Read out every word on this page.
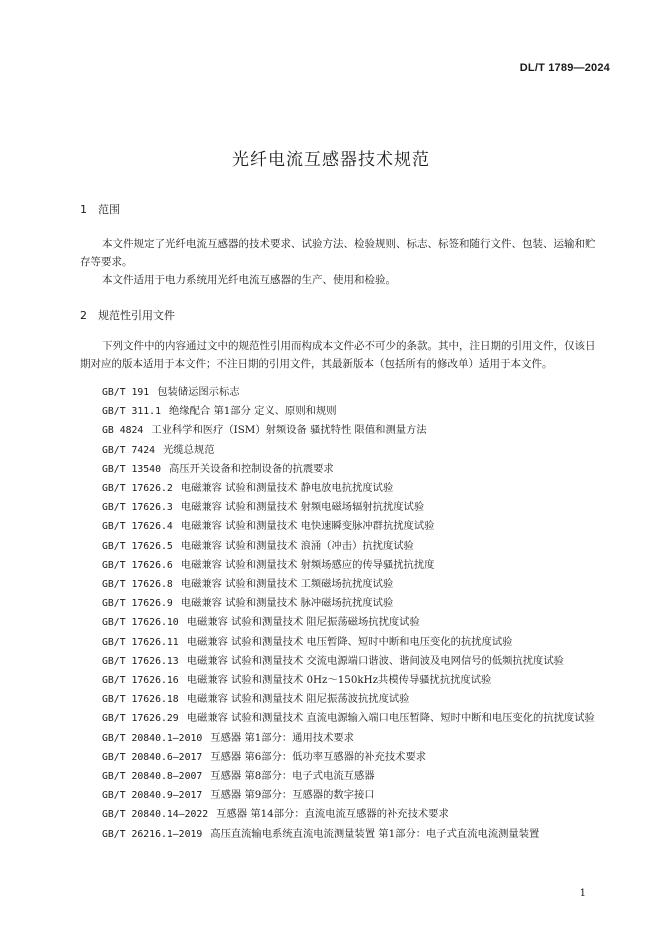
DL/T 1789—2024
光纤电流互感器技术规范
1 范围

本文件规定了光纤电流互感器的技术要求、试验方法、检验规则、标志、标签和随行文件、包装、运输和贮存等要求。

本文件适用于电力系统用光纤电流互感器的生产、使用和检验。

2 规范性引用文件

下列文件中的内容通过文中的规范性引用而构成本文件必不可少的条款。其中，注日期的引用文件，仅该日期对应的版本适用于本文件；不注日期的引用文件，其最新版本（包括所有的修改单）适用于本文件。

GB/T 191 包装储运图示标志
GB/T 311.1 绝缘配合 第1部分 定义、原则和规则
GB 4824 工业科学和医疗（ISM）射频设备 骚扰特性 限值和测量方法
GB/T 7424 光缆总规范
GB/T 13540 高压开关设备和控制设备的抗震要求
GB/T 17626.2 电磁兼容 试验和测量技术 静电放电抗扰度试验
GB/T 17626.3 电磁兼容 试验和测量技术 射频电磁场辐射抗扰度试验
GB/T 17626.4 电磁兼容 试验和测量技术 电快速瞬变脉冲群抗扰度试验
GB/T 17626.5 电磁兼容 试验和测量技术 浪涌（冲击）抗扰度试验
GB/T 17626.6 电磁兼容 试验和测量技术 射频场感应的传导骚扰抗扰度
GB/T 17626.8 电磁兼容 试验和测量技术 工频磁场抗扰度试验
GB/T 17626.9 电磁兼容 试验和测量技术 脉冲磁场抗扰度试验
GB/T 17626.10 电磁兼容 试验和测量技术 阻尼振荡磁场抗扰度试验
GB/T 17626.11 电磁兼容 试验和测量技术 电压暂降、短时中断和电压变化的抗扰度试验
GB/T 17626.13 电磁兼容 试验和测量技术 交流电源端口谐波、谐间波及电网信号的低频抗扰度试验
GB/T 17626.16 电磁兼容 试验和测量技术 0Hz～150kHz共模传导骚扰抗扰度试验
GB/T 17626.18 电磁兼容 试验和测量技术 阻尼振荡波抗扰度试验
GB/T 17626.29 电磁兼容 试验和测量技术 直流电源输入端口电压暂降、短时中断和电压变化的抗扰度试验
GB/T 20840.1—2010 互感器 第1部分：通用技术要求
GB/T 20840.6—2017 互感器 第6部分：低功率互感器的补充技术要求
GB/T 20840.8—2007 互感器 第8部分：电子式电流互感器
GB/T 20840.9—2017 互感器 第9部分：互感器的数字接口
GB/T 20840.14—2022 互感器 第14部分：直流电流互感器的补充技术要求
GB/T 26216.1—2019 高压直流输电系统直流电流测量装置 第1部分：电子式直流电流测量装置
1
